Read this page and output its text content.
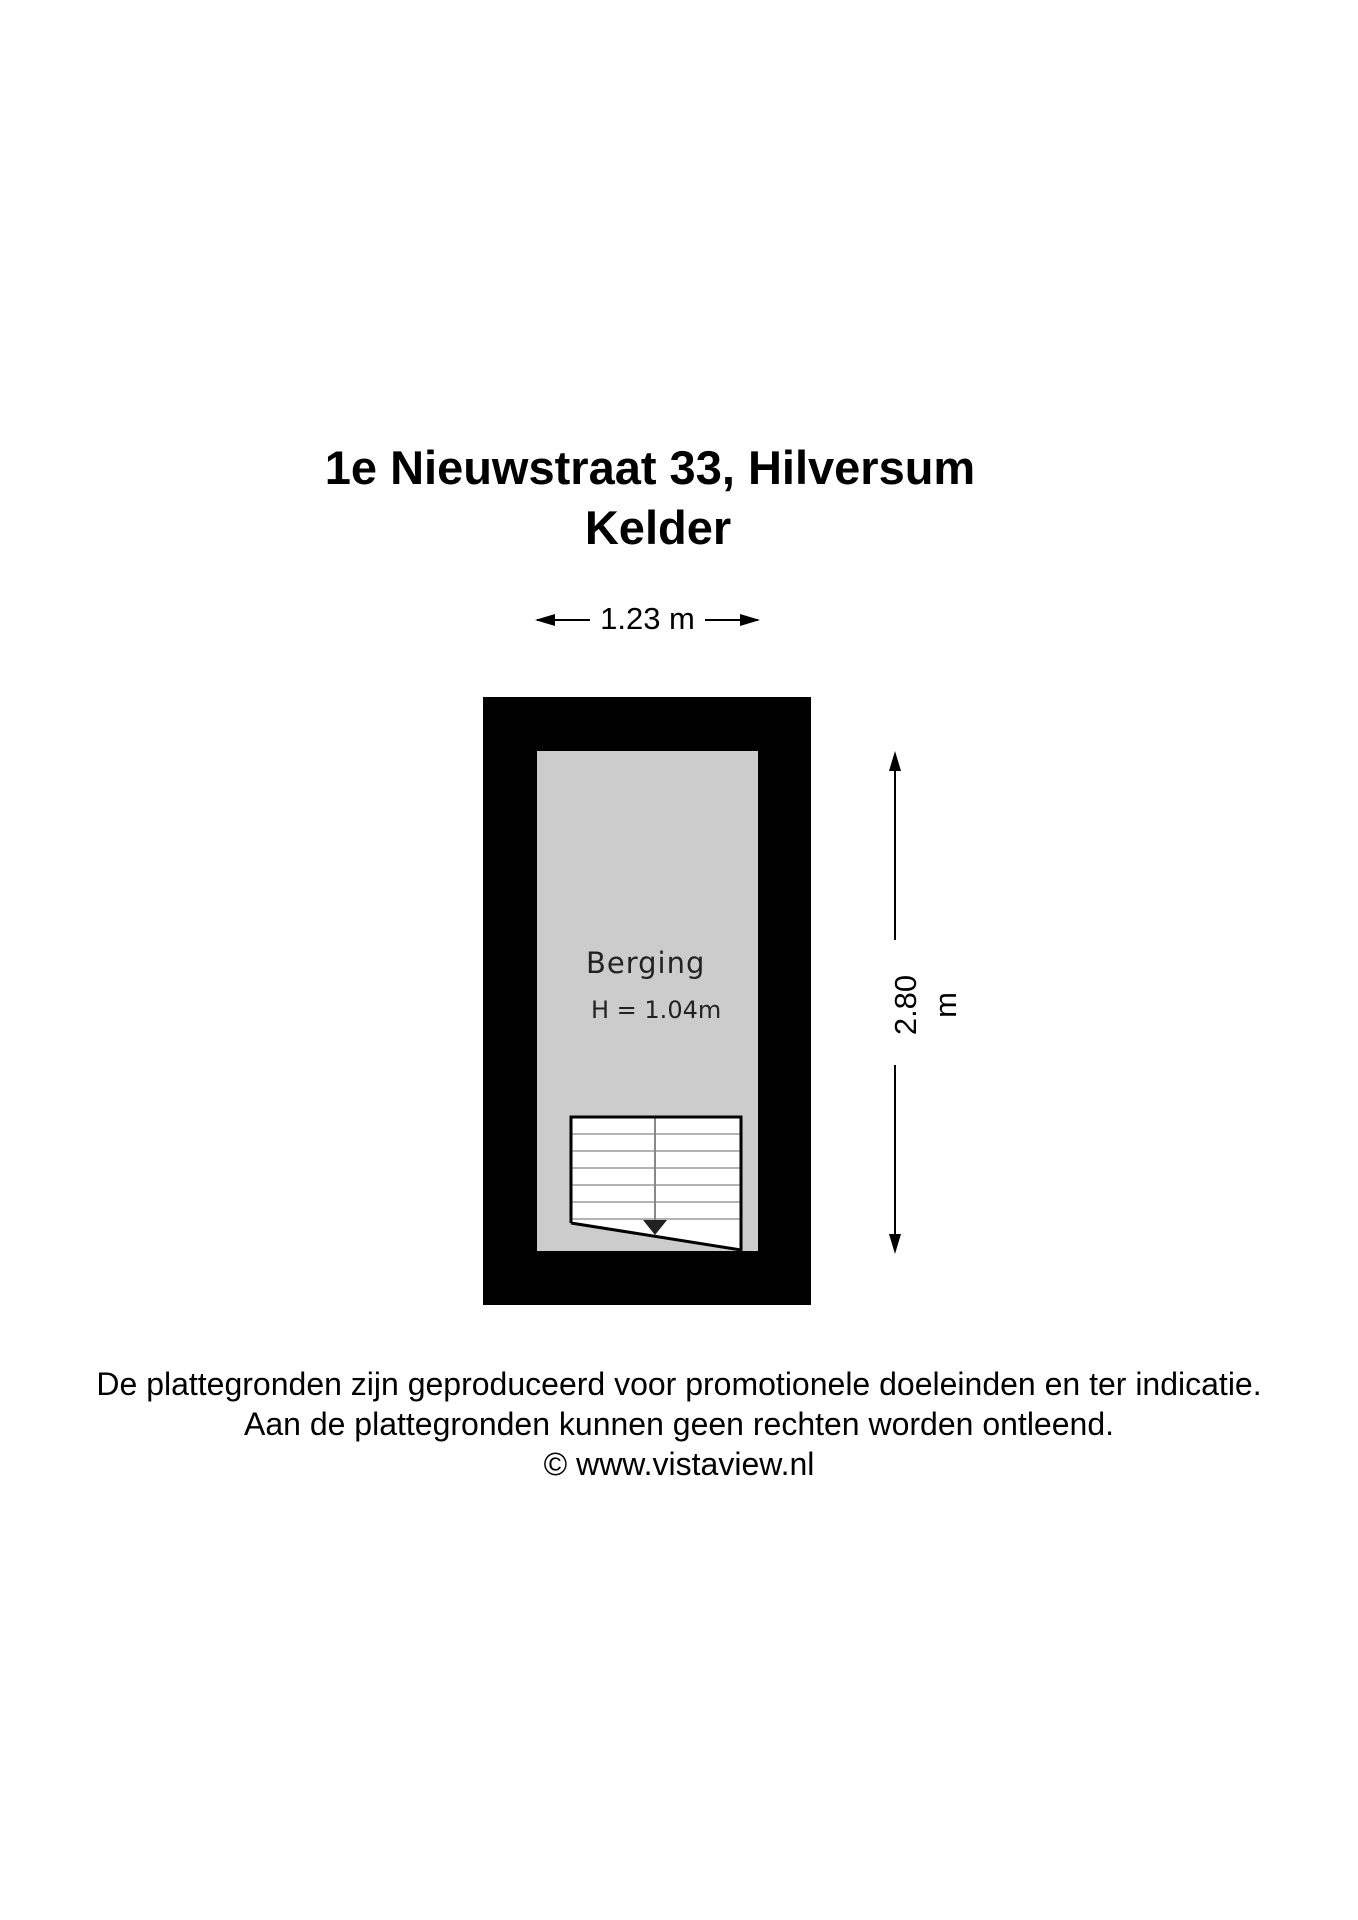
1e Nieuwstraat 33, Hilversum
Kelder
1.23 m
Berging
H = 1.04m	2.80 m
De plattegronden zijn geproduceerd voor promotionele doeleinden en ter indicatie.
Aan de plattegronden kunnen geen rechten worden ontleend.
© www.vistaview.nl
